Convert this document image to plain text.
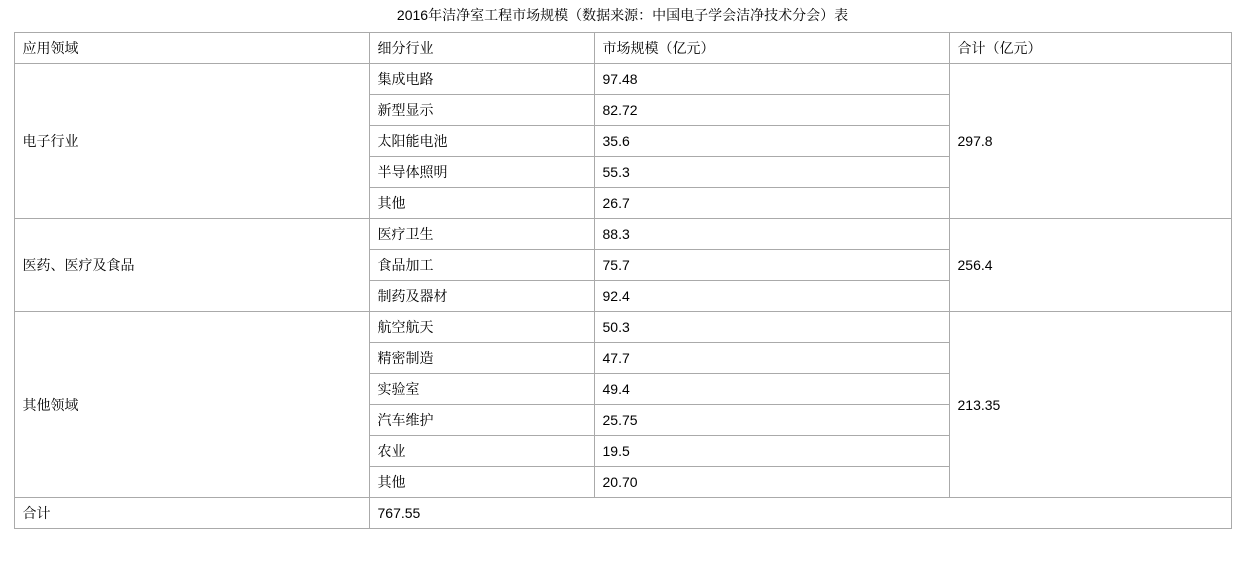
2016年洁净室工程市场规模（数据来源：中国电子学会洁净技术分会）表
应用领域	细分行业	市场规模（亿元）	合计（亿元）
电子行业	集成电路	97.48	297.8
	新型显示	82.72	
	太阳能电池	35.6	
	半导体照明	55.3	
	其他	26.7	
医药、医疗及食品	医疗卫生	88.3	256.4
	食品加工	75.7	
	制药及器材	92.4	
其他领域	航空航天	50.3	213.35
	精密制造	47.7	
	实验室	49.4	
	汽车维护	25.75	
	农业	19.5	
	其他	20.70	
合计	767.55		
